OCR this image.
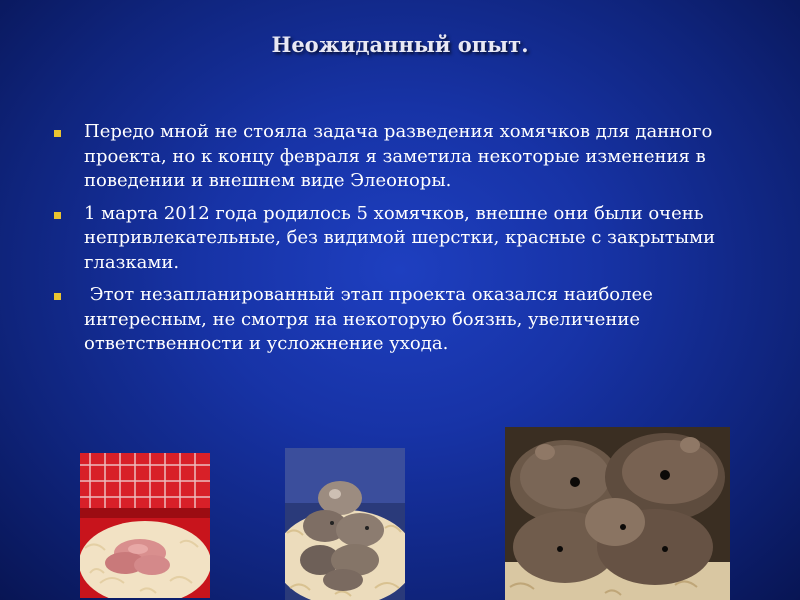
Неожиданный опыт.
Передо мной не стояла задача разведения хомячков для данного проекта, но к концу февраля я заметила некоторые изменения в поведении и внешнем виде Элеоноры.
1 марта 2012 года родилось 5 хомячков, внешне они были очень непривлекательные, без видимой шерстки, красные с закрытыми глазками.
Этот незапланированный этап проекта оказался наиболее интересным, не смотря на некоторую боязнь, увеличение ответственности и усложнение ухода.
